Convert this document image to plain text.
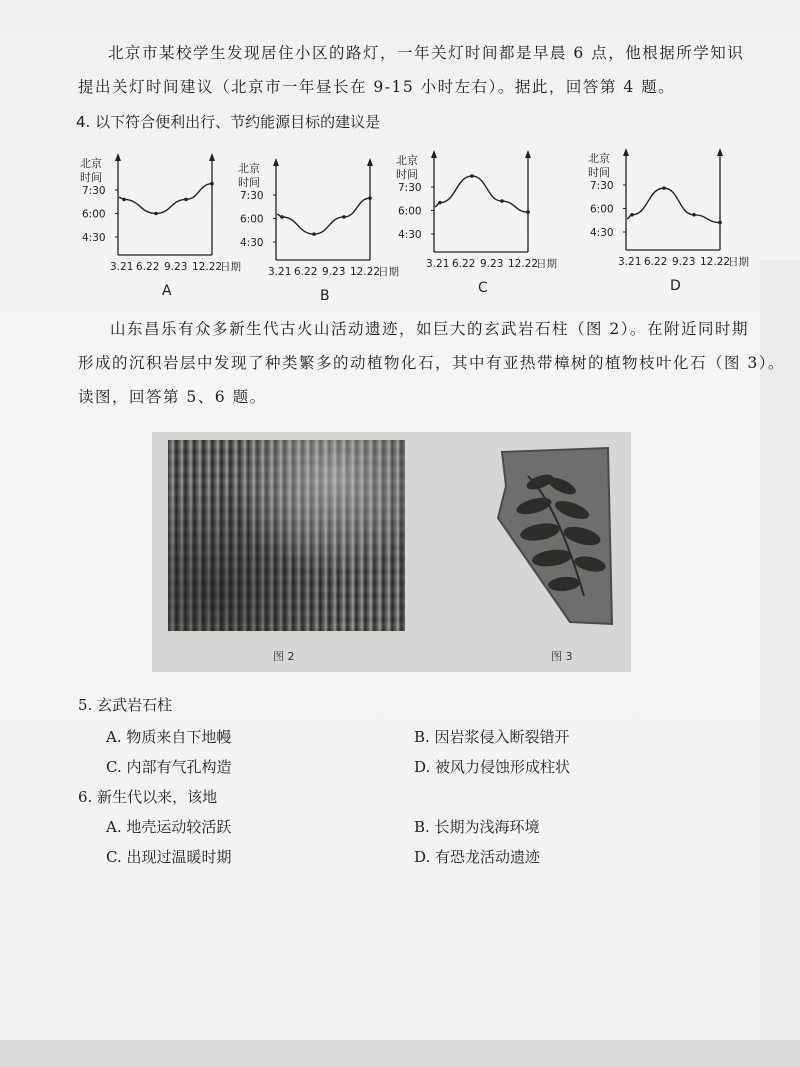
北京市某校学生发现居住小区的路灯，一年关灯时间都是早晨 6 点，他根据所学知识
提出关灯时间建议（北京市一年昼长在 9-15 小时左右）。据此，回答第 4 题。
4. 以下符合便利出行、节约能源目标的建议是
北京
时间
7:30
6:00
4:30
3.21 6.22 9.23 12.22
日期
A
北京
时间
7:30
6:00
4:30
3.21 6.22 9.23 12.22
日期
B
北京
时间
7:30
6:00
4:30
3.21 6.22 9.23 12.22
日期
C
北京
时间
7:30
6:00
4:30
3.21 6.22 9.23 12.22
日期
D
山东昌乐有众多新生代古火山活动遗迹，如巨大的玄武岩石柱（图 2）。在附近同时期
形成的沉积岩层中发现了种类繁多的动植物化石，其中有亚热带樟树的植物枝叶化石（图 3）。
读图，回答第 5、6 题。
图 2	图 3
5. 玄武岩石柱
A. 物质来自下地幔	B. 因岩浆侵入断裂错开
C. 内部有气孔构造	D. 被风力侵蚀形成柱状
6. 新生代以来，该地
A. 地壳运动较活跃	B. 长期为浅海环境
C. 出现过温暖时期	D. 有恐龙活动遗迹
